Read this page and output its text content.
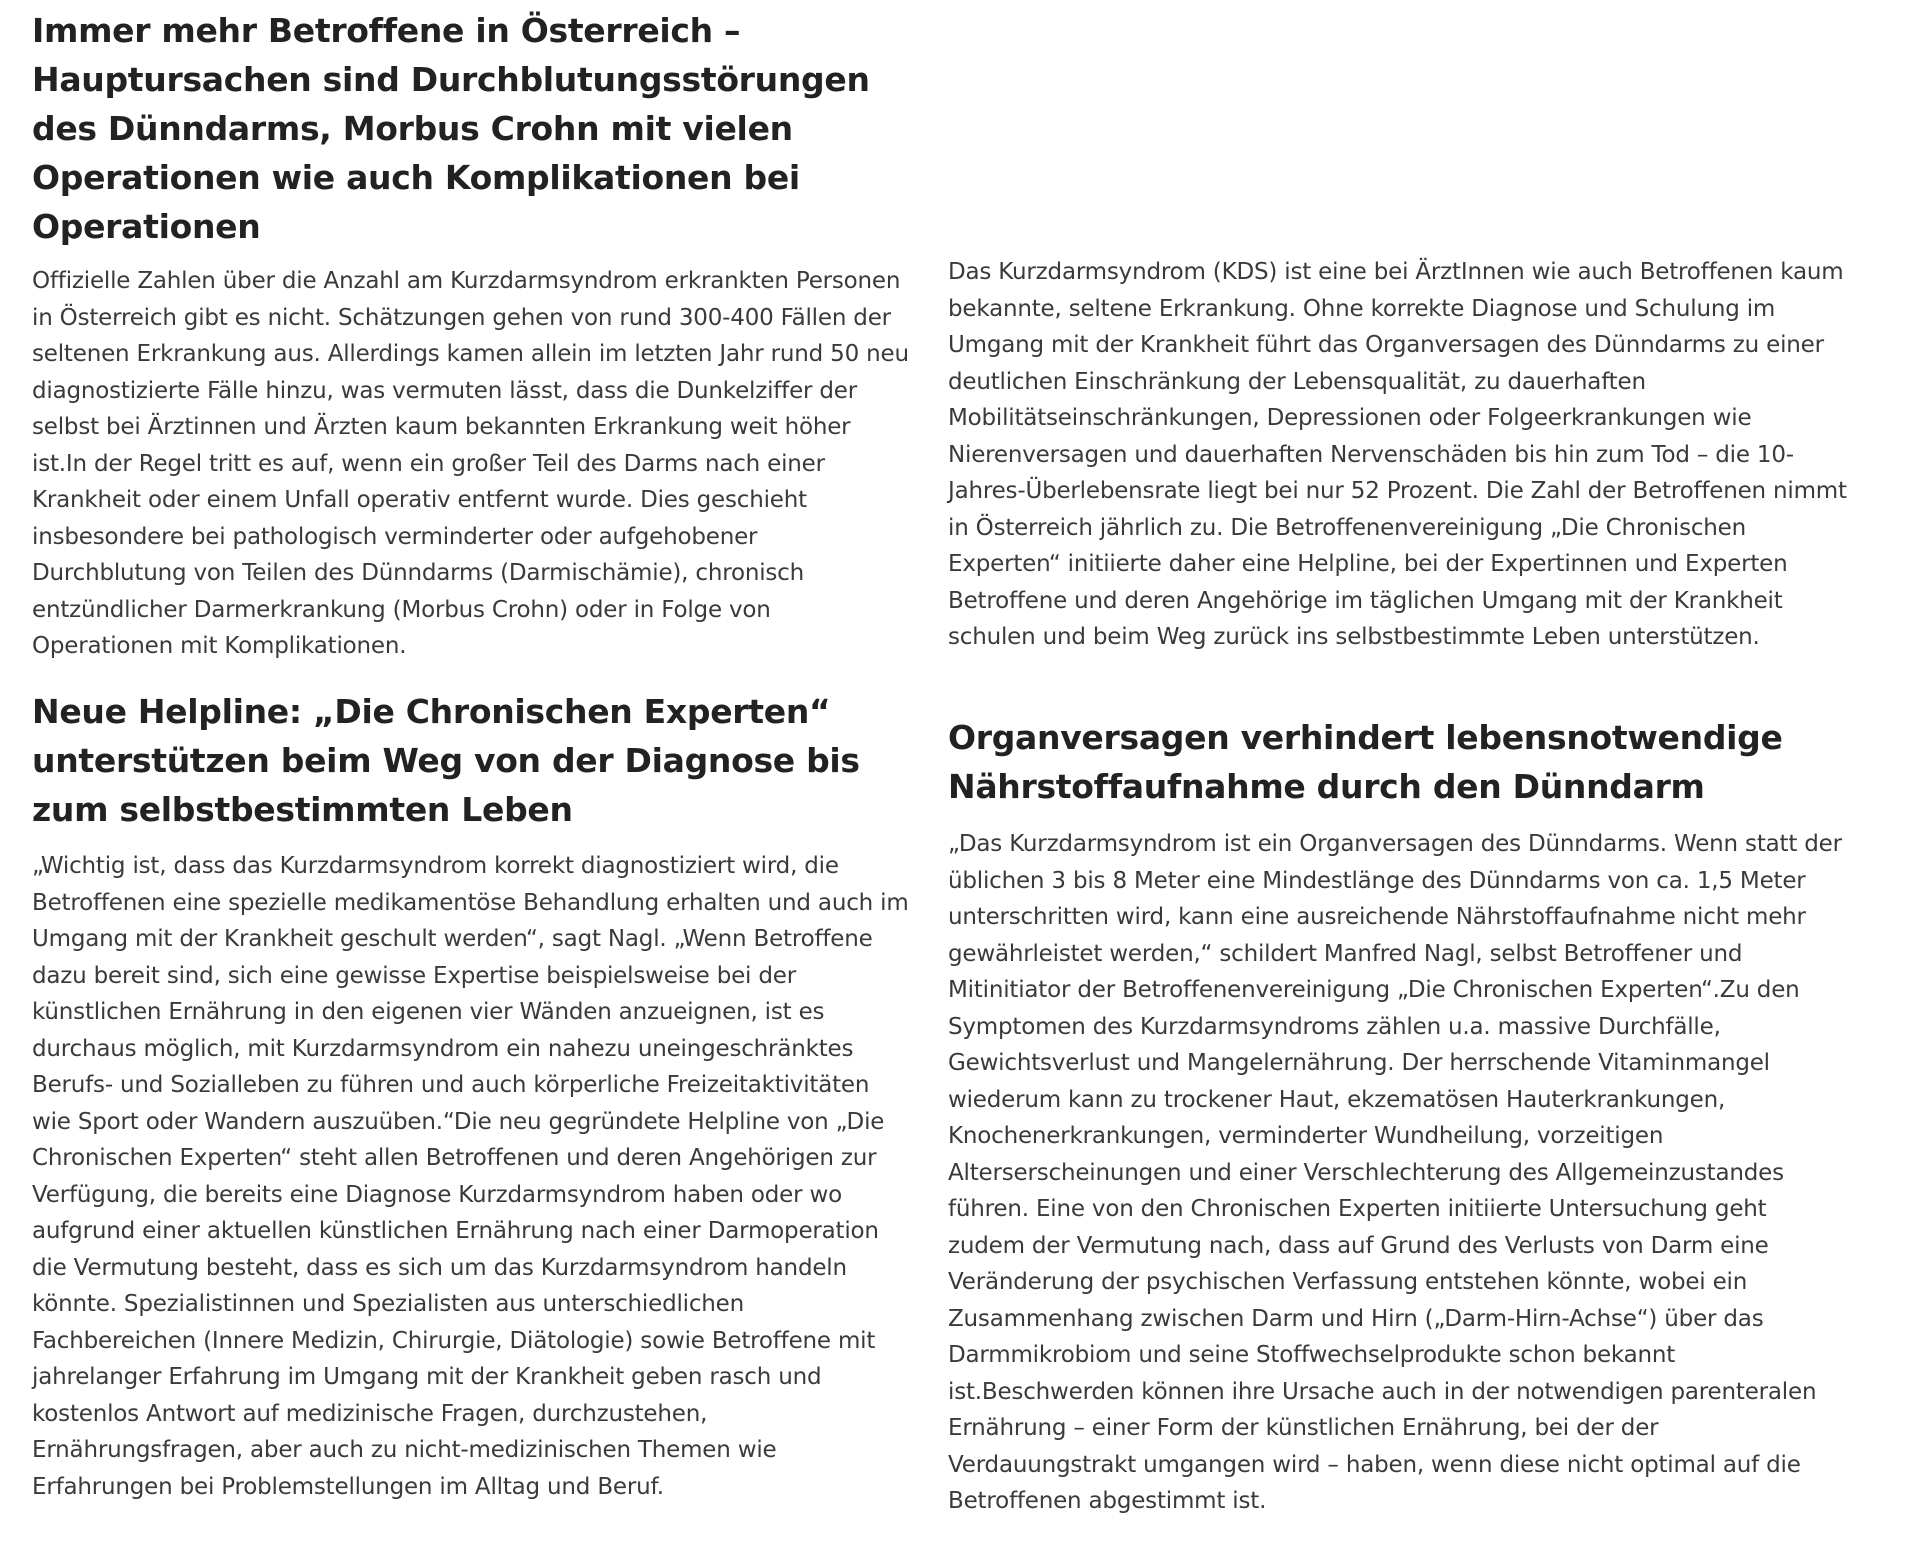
Immer mehr Betroffene in Österreich – Hauptursachen sind Durchblutungsstörungen des Dünndarms, Morbus Crohn mit vielen Operationen wie auch Komplikationen bei Operationen

Offizielle Zahlen über die Anzahl am Kurzdarmsyndrom erkrankten Personen in Österreich gibt es nicht. Schätzungen gehen von rund 300-400 Fällen der seltenen Erkrankung aus. Allerdings kamen allein im letzten Jahr rund 50 neu diagnostizierte Fälle hinzu, was vermuten lässt, dass die Dunkelziffer der selbst bei Ärztinnen und Ärzten kaum bekannten Erkrankung weit höher ist.In der Regel tritt es auf, wenn ein großer Teil des Darms nach einer Krankheit oder einem Unfall operativ entfernt wurde. Dies geschieht insbesondere bei pathologisch verminderter oder aufgehobener Durchblutung von Teilen des Dünndarms (Darmischämie), chronisch entzündlicher Darmerkrankung (Morbus Crohn) oder in Folge von Operationen mit Komplikationen.

Neue Helpline: „Die Chronischen Experten“ unterstützen beim Weg von der Diagnose bis zum selbstbestimmten Leben

„Wichtig ist, dass das Kurzdarmsyndrom korrekt diagnostiziert wird, die Betroffenen eine spezielle medikamentöse Behandlung erhalten und auch im Umgang mit der Krankheit geschult werden“, sagt Nagl. „Wenn Betroffene dazu bereit sind, sich eine gewisse Expertise beispielsweise bei der künstlichen Ernährung in den eigenen vier Wänden anzueignen, ist es durchaus möglich, mit Kurzdarmsyndrom ein nahezu uneingeschränktes Berufs- und Sozialleben zu führen und auch körperliche Freizeitaktivitäten wie Sport oder Wandern auszuüben.“Die neu gegründete Helpline von „Die Chronischen Experten“ steht allen Betroffenen und deren Angehörigen zur Verfügung, die bereits eine Diagnose Kurzdarmsyndrom haben oder wo aufgrund einer aktuellen künstlichen Ernährung nach einer Darmoperation die Vermutung besteht, dass es sich um das Kurzdarmsyndrom handeln könnte. Spezialistinnen und Spezialisten aus unterschiedlichen Fachbereichen (Innere Medizin, Chirurgie, Diätologie) sowie Betroffene mit jahrelanger Erfahrung im Umgang mit der Krankheit geben rasch und kostenlos Antwort auf medizinische Fragen, durchzustehen, Ernährungsfragen, aber auch zu nicht-medizinischen Themen wie Erfahrungen bei Problemstellungen im Alltag und Beruf.

Das Kurzdarmsyndrom (KDS) ist eine bei ÄrztInnen wie auch Betroffenen kaum bekannte, seltene Erkrankung. Ohne korrekte Diagnose und Schulung im Umgang mit der Krankheit führt das Organversagen des Dünndarms zu einer deutlichen Einschränkung der Lebensqualität, zu dauerhaften Mobilitätseinschränkungen, Depressionen oder Folgeerkrankungen wie Nierenversagen und dauerhaften Nervenschäden bis hin zum Tod – die 10-Jahres-Überlebensrate liegt bei nur 52 Prozent. Die Zahl der Betroffenen nimmt in Österreich jährlich zu. Die Betroffenenvereinigung „Die Chronischen Experten“ initiierte daher eine Helpline, bei der Expertinnen und Experten Betroffene und deren Angehörige im täglichen Umgang mit der Krankheit schulen und beim Weg zurück ins selbstbestimmte Leben unterstützen.

Organversagen verhindert lebensnotwendige Nährstoffaufnahme durch den Dünndarm

„Das Kurzdarmsyndrom ist ein Organversagen des Dünndarms. Wenn statt der üblichen 3 bis 8 Meter eine Mindestlänge des Dünndarms von ca. 1,5 Meter unterschritten wird, kann eine ausreichende Nährstoffaufnahme nicht mehr gewährleistet werden,“ schildert Manfred Nagl, selbst Betroffener und Mitinitiator der Betroffenenvereinigung „Die Chronischen Experten“.Zu den Symptomen des Kurzdarmsyndroms zählen u.a. massive Durchfälle, Gewichtsverlust und Mangelernährung. Der herrschende Vitaminmangel wiederum kann zu trockener Haut, ekzematösen Hauterkrankungen, Knochenerkrankungen, verminderter Wundheilung, vorzeitigen Alterserscheinungen und einer Verschlechterung des Allgemeinzustandes führen. Eine von den Chronischen Experten initiierte Untersuchung geht zudem der Vermutung nach, dass auf Grund des Verlusts von Darm eine Veränderung der psychischen Verfassung entstehen könnte, wobei ein Zusammenhang zwischen Darm und Hirn („Darm-Hirn-Achse“) über das Darmmikrobiom und seine Stoffwechselprodukte schon bekannt ist.Beschwerden können ihre Ursache auch in der notwendigen parenteralen Ernährung – einer Form der künstlichen Ernährung, bei der der Verdauungstrakt umgangen wird – haben, wenn diese nicht optimal auf die Betroffenen abgestimmt ist.
